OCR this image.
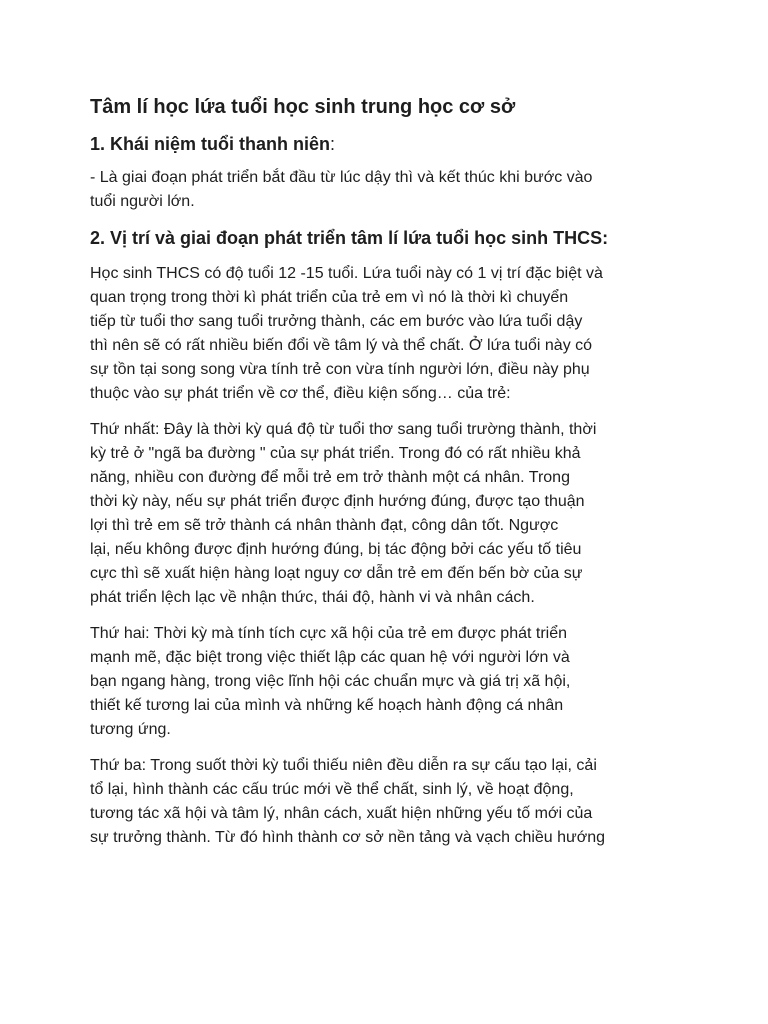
Tâm lí học lứa tuổi học sinh trung học cơ sở
1. Khái niệm tuổi thanh niên:
- Là giai đoạn phát triển bắt đầu từ lúc dậy thì và kết thúc khi bước vào
tuổi người lớn.
2. Vị trí và giai đoạn phát triển tâm lí lứa tuổi học sinh THCS:
Học sinh THCS có độ tuổi 12 -15 tuổi. Lứa tuổi này có 1 vị trí đặc biệt và
quan trọng trong thời kì phát triển của trẻ em vì nó là thời kì chuyển
tiếp từ tuổi thơ sang tuổi trưởng thành, các em bước vào lứa tuổi dậy
thì nên sẽ có rất nhiều biến đổi về tâm lý và thể chất. Ở lứa tuổi này có
sự tồn tại song song vừa tính trẻ con vừa tính người lớn, điều này phụ
thuộc vào sự phát triển về cơ thể, điều kiện sống… của trẻ:
Thứ nhất: Đây là thời kỳ quá độ từ tuổi thơ sang tuổi trường thành, thời
kỳ trẻ ở "ngã ba đường " của sự phát triển. Trong đó có rất nhiều khả
năng, nhiều con đường để mỗi trẻ em trở thành một cá nhân. Trong
thời kỳ này, nếu sự phát triển được định hướng đúng, được tạo thuận
lợi thì trẻ em sẽ trở thành cá nhân thành đạt, công dân tốt. Ngược
lại, nếu không được định hướng đúng, bị tác động bởi các yếu tố tiêu
cực thì sẽ xuất hiện hàng loạt nguy cơ dẫn trẻ em đến bến bờ của sự
phát triển lệch lạc về nhận thức, thái độ, hành vi và nhân cách.
Thứ hai: Thời kỳ mà tính tích cực xã hội của trẻ em được phát triển
mạnh mẽ, đặc biệt trong việc thiết lập các quan hệ với người lớn và
bạn ngang hàng, trong việc lĩnh hội các chuẩn mực và giá trị xã hội,
thiết kế tương lai của mình và những kế hoạch hành động cá nhân
tương ứng.
Thứ ba: Trong suốt thời kỳ tuổi thiếu niên đều diễn ra sự cấu tạo lại, cải
tổ lại, hình thành các cấu trúc mới về thể chất, sinh lý, về hoạt động,
tương tác xã hội và tâm lý, nhân cách, xuất hiện những yếu tố mới của
sự trưởng thành. Từ đó hình thành cơ sở nền tảng và vạch chiều hướng
